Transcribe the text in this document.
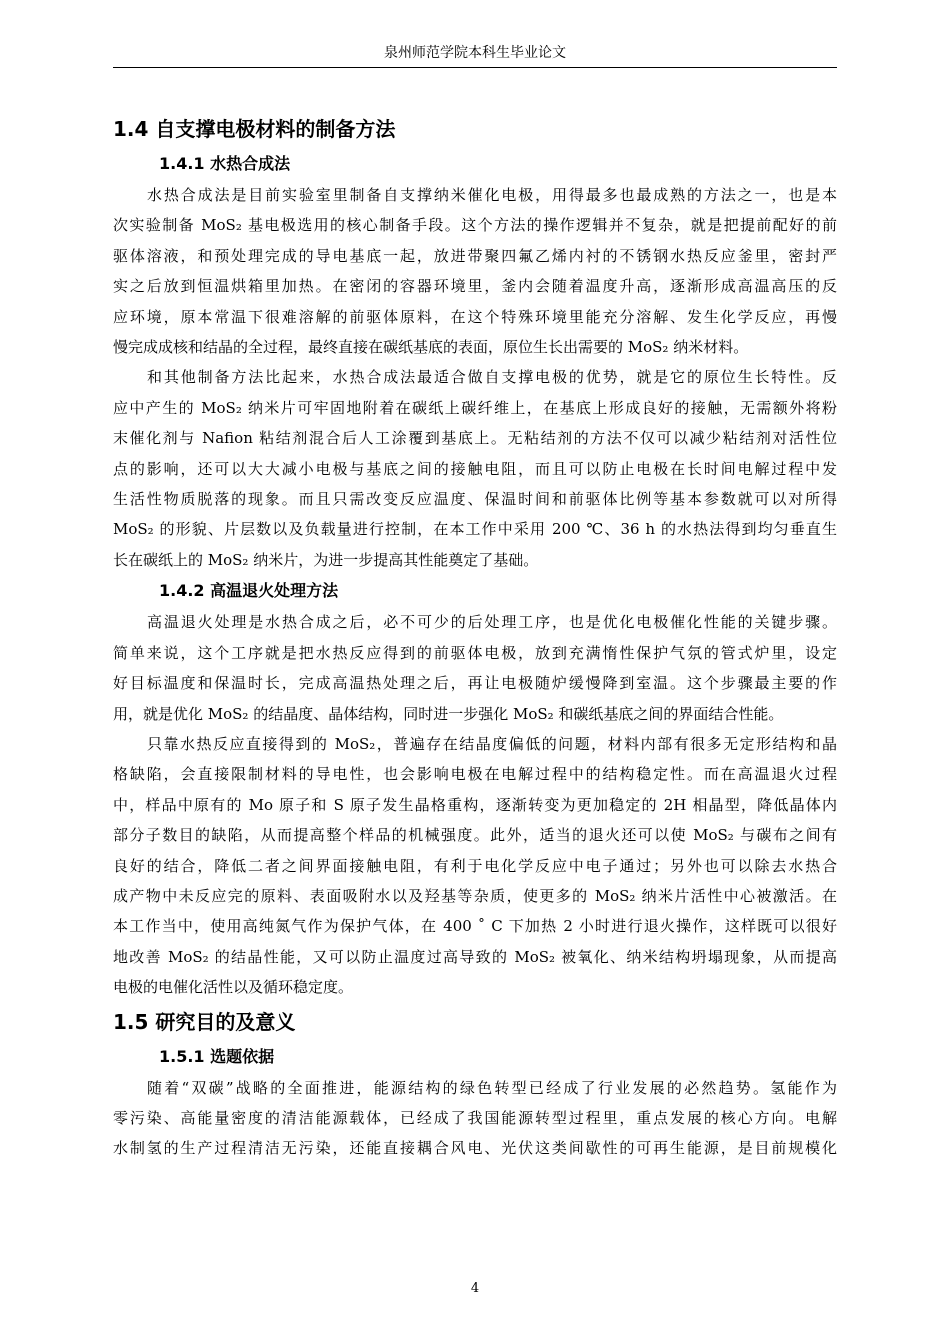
泉州师范学院本科生毕业论文
1.4 自支撑电极材料的制备方法
1.4.1 水热合成法
水热合成法是目前实验室里制备自支撑纳米催化电极，用得最多也最成熟的方法之一，也是本
次实验制备 MoS₂ 基电极选用的核心制备手段。这个方法的操作逻辑并不复杂，就是把提前配好的前
驱体溶液，和预处理完成的导电基底一起，放进带聚四氟乙烯内衬的不锈钢水热反应釜里，密封严
实之后放到恒温烘箱里加热。在密闭的容器环境里，釜内会随着温度升高，逐渐形成高温高压的反
应环境，原本常温下很难溶解的前驱体原料，在这个特殊环境里能充分溶解、发生化学反应，再慢
慢完成成核和结晶的全过程，最终直接在碳纸基底的表面，原位生长出需要的 MoS₂ 纳米材料。
和其他制备方法比起来，水热合成法最适合做自支撑电极的优势，就是它的原位生长特性。反
应中产生的 MoS₂ 纳米片可牢固地附着在碳纸上碳纤维上，在基底上形成良好的接触，无需额外将粉
末催化剂与 Nafion 粘结剂混合后人工涂覆到基底上。无粘结剂的方法不仅可以减少粘结剂对活性位
点的影响，还可以大大减小电极与基底之间的接触电阻，而且可以防止电极在长时间电解过程中发
生活性物质脱落的现象。而且只需改变反应温度、保温时间和前驱体比例等基本参数就可以对所得
MoS₂ 的形貌、片层数以及负载量进行控制，在本工作中采用 200 ℃、36 h 的水热法得到均匀垂直生
长在碳纸上的 MoS₂ 纳米片，为进一步提高其性能奠定了基础。
1.4.2 高温退火处理方法
高温退火处理是水热合成之后，必不可少的后处理工序，也是优化电极催化性能的关键步骤。
简单来说，这个工序就是把水热反应得到的前驱体电极，放到充满惰性保护气氛的管式炉里，设定
好目标温度和保温时长，完成高温热处理之后，再让电极随炉缓慢降到室温。这个步骤最主要的作
用，就是优化 MoS₂ 的结晶度、晶体结构，同时进一步强化 MoS₂ 和碳纸基底之间的界面结合性能。
只靠水热反应直接得到的 MoS₂，普遍存在结晶度偏低的问题，材料内部有很多无定形结构和晶
格缺陷，会直接限制材料的导电性，也会影响电极在电解过程中的结构稳定性。而在高温退火过程
中，样品中原有的 Mo 原子和 S 原子发生晶格重构，逐渐转变为更加稳定的 2H 相晶型，降低晶体内
部分子数目的缺陷，从而提高整个样品的机械强度。此外，适当的退火还可以使 MoS₂ 与碳布之间有
良好的结合，降低二者之间界面接触电阻，有利于电化学反应中电子通过；另外也可以除去水热合
成产物中未反应完的原料、表面吸附水以及羟基等杂质，使更多的 MoS₂ 纳米片活性中心被激活。在
本工作当中，使用高纯氮气作为保护气体，在 400 ˚ C 下加热 2 小时进行退火操作，这样既可以很好
地改善 MoS₂ 的结晶性能，又可以防止温度过高导致的 MoS₂ 被氧化、纳米结构坍塌现象，从而提高
电极的电催化活性以及循环稳定度。
1.5 研究目的及意义
1.5.1 选题依据
随着“双碳”战略的全面推进，能源结构的绿色转型已经成了行业发展的必然趋势。氢能作为
零污染、高能量密度的清洁能源载体，已经成了我国能源转型过程里，重点发展的核心方向。电解
水制氢的生产过程清洁无污染，还能直接耦合风电、光伏这类间歇性的可再生能源，是目前规模化
4
